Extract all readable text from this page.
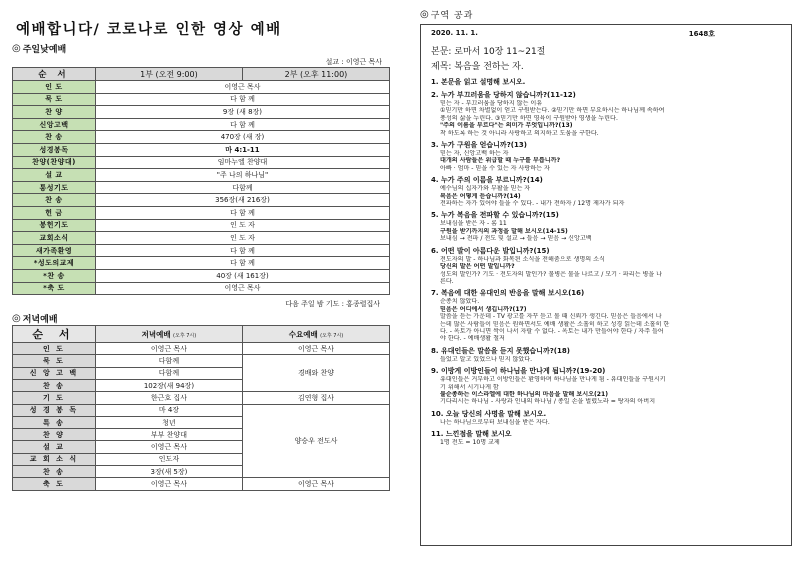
예배합니다/ 코로나로 인한 영상 예배
◎ 주일낮예배
설교 : 이영근 목사
순 서	1부 (오전 9:00)	2부 (오후 11:00)
인 도	이영근 목사	
묵 도	다 함 께	
찬 양	9장 (새 8장)	
신앙고백	다 함 께	
찬 송	470장 (새 장)	
성경봉독	마 4:1-11	
찬양(찬양대)	임마누엘 찬양대	
설 교	"주 나의 하나님"	
통성기도	다함께	
찬 송	356장(새 216장)	
헌 금	다 함 께	
봉헌기도	인 도 자	
교회소식	인 도 자	
새가족환영	다 함 께	
*성도의교제	다 함 께	
*찬 송	40장 (새 161장)	
*축 도	이영근 목사	
다음 주일 밤 기도 : 홍종렬집사
◎ 저녁예배
순 서	저녁예배 (오후 7시)	수요예배 (오후 7시)
인 도	이영근 목사	이영근 목사
묵 도	다함께	경배와 찬양
신 앙 고 백	다함께	
찬 송	102장(새 94장)	
기 도	한근호 집사	김연형 집사
성 경 봉 독	마 4장	양승우 전도사
특 송	청년	
찬 양	부부 찬양대	
설 교	이영근 목사	
교 회 소 식	인도자	
찬 송	3장(새 5장)	
축 도	이영근 목사	이영근 목사
◎ 구역 공과
2020. 11. 1.	1648호
본문: 로마서 10장 11~21절
제목: 복음을 전하는 자.
1. 본문을 읽고 설명해 보시오.
2. 누가 부끄러움을 당하지 않습니까?(11-12)
믿는 자 - 부끄러움을 당하지 않는 이유
①믿기만 하면 차별없이 얻고 구원받는다. ②믿기만 하면 부요하시는 하나님께 속하여
풍성의 삶을 누린다. ③믿기만 하면 영육이 구원받아 영생을 누린다.
"주의 이름을 부르다"는 의미가 무엇입니까?(13)
착 하도록 하는 것 아니라 사랑하고 의지하고 도움을 구한다.
3. 누가 구원을 얻습니까?(13)
믿는 자, 신앙고백 하는 자
대개의 사람들은 위급할 때 누구를 부릅니까?
아빠 · 엄마 - 믿을 수 있는 자 사랑하는 자
4. 누가 주의 이름을 부르니까?(14)
예수님의 십자가와 부활을 믿는 자
복음은 어떻게 듣습니까?(14)
전파하는 자가 있어야 들을 수 있다. - 내가 전하자 / 12명 제자가 되자
5. 누가 복음을 전파할 수 있습니까?(15)
보내심을 받은 자 - 롬 11
구원을 받기까지의 과정을 말해 보시오(14-15)
보내심 → 전파 / 전도 및 설교 → 들음 → 믿음 → 신앙고백
6. 어떤 발이 아름다운 발입니까?(15)
전도자의 발 - 하나님과 화목된 소식을 전해줌으로 생명의 소식
당신의 발은 어떤 발입니까?
성도의 발인가? 기도 · 전도자의 발인가? 물병은 물을 나르고 / 모기 · 파리는 병을 나
른다.
7. 복음에 대한 유대인의 반응을 말해 보시오(16)
순종치 않았다.
믿음은 어디에서 생깁니까?(17)
말씀을 듣는 가운데 - TV 광고를 자꾸 듣고 볼 때 신뢰가 생긴다. 믿음은 들음에서 나
는데 많은 사람들이 믿음은 원하면서도 예배 생활은 소홀히 하고 성경 읽는데 소홀히 한
다. - 옥토가 아니면 싹이 나서 자랄 수 없다. - 옥토는 내가 만들어야 한다 / 자주 들어
야 한다. - 예배생활 철저
8. 유대인들은 말씀을 듣지 못했습니까?(18)
들었고 알고 있었으나 믿지 않았다.
9. 이방게 이방인들이 하나님을 만나게 됩니까?(19-20)
유대인들은 거부하고 이방인들은 환영하며 하나님을 만나게 됨 - 유대인들을 구원시키
기 위해서 시기나게 함
불순종하는 이스라엘에 대한 하나님의 마음을 말해 보시오(21)
기다리시는 하나님 - 사랑과 인내의 하나님 / 종일 손을 벌렸노라 = 탕자의 아버지
10. 오늘 당신의 사명을 말해 보시오.
나는 하나님으로부터 보내심을 받은 자다.
11. 느낀점을 말해 보시오
1명 전도 = 10명 교제
